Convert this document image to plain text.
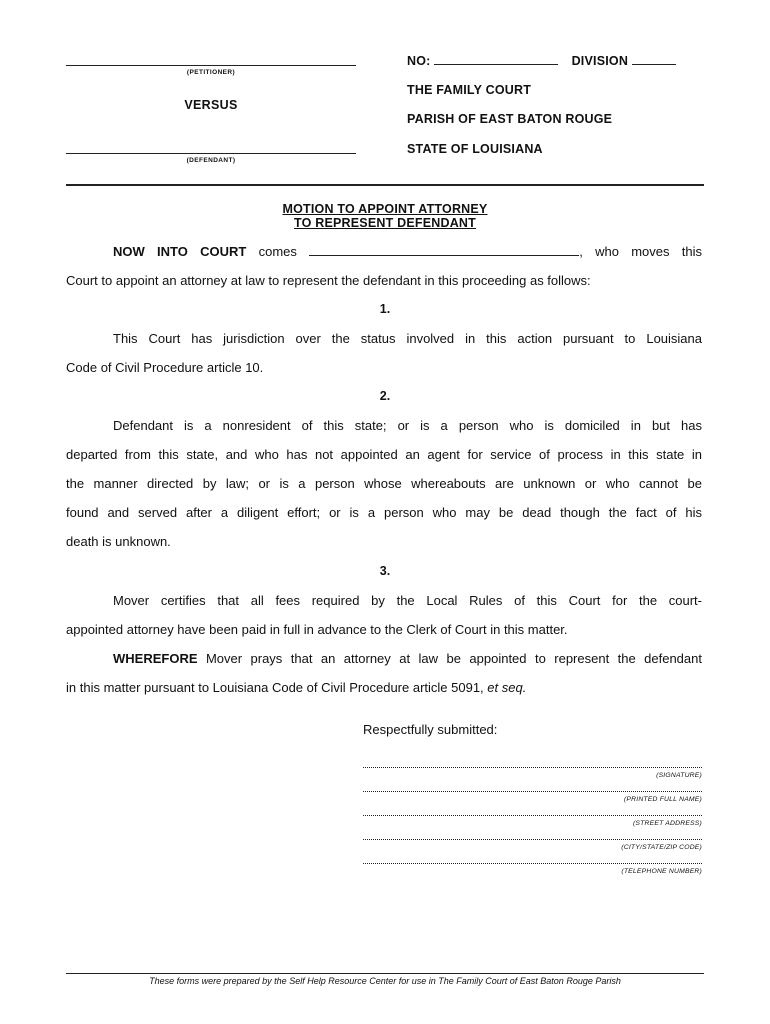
(PETITIONER)
VERSUS
(DEFENDANT)
NO:	DIVISION
THE FAMILY COURT
PARISH OF EAST BATON ROUGE
STATE OF LOUISIANA
MOTION TO APPOINT ATTORNEY
TO REPRESENT DEFENDANT
NOW INTO COURT comes	, who moves this
Court to appoint an attorney at law to represent the defendant in this proceeding as follows:
1.
This Court has jurisdiction over the status involved in this action pursuant to Louisiana
Code of Civil Procedure article 10.
2.
Defendant is a nonresident of this state; or is a person who is domiciled in but has
departed from this state, and who has not appointed an agent for service of process in this state in
the manner directed by law; or is a person whose whereabouts are unknown or who cannot be
found and served after a diligent effort; or is a person who may be dead though the fact of his
death is unknown.
3.
Mover certifies that all fees required by the Local Rules of this Court for the court-
appointed attorney have been paid in full in advance to the Clerk of Court in this matter.
WHEREFORE Mover prays that an attorney at law be appointed to represent the defendant
in this matter pursuant to Louisiana Code of Civil Procedure article 5091, et seq.
Respectfully submitted:
(SIGNATURE)
(PRINTED FULL NAME)
(STREET ADDRESS)
(CITY/STATE/ZIP CODE)
(TELEPHONE NUMBER)
These forms were prepared by the Self Help Resource Center for use in The Family Court of East Baton Rouge Parish
